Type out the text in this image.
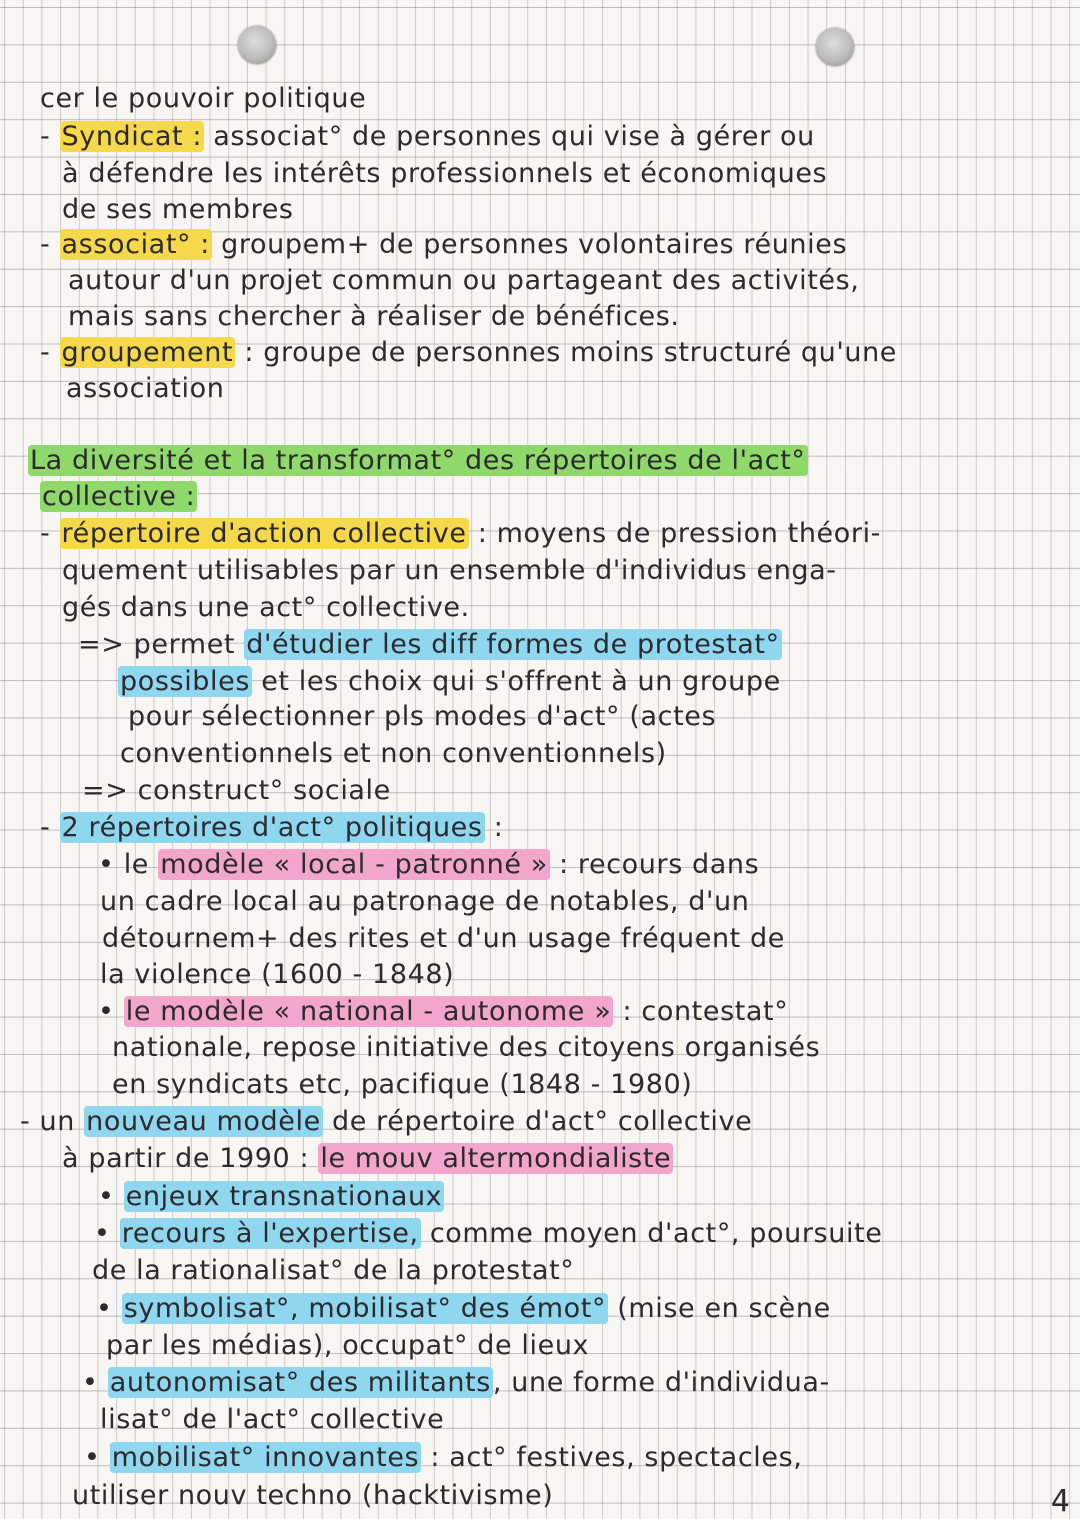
cer le pouvoir politique
- Syndicat : associat° de personnes qui vise à gérer ou
à défendre les intérêts professionnels et économiques
de ses membres
- associat° : groupem+ de personnes volontaires réunies
autour d'un projet commun ou partageant des activités,
mais sans chercher à réaliser de bénéfices.
- groupement : groupe de personnes moins structuré qu'une
association
La diversité et la transformat° des répertoires de l'act°
collective :
- répertoire d'action collective : moyens de pression théori-
quement utilisables par un ensemble d'individus enga-
gés dans une act° collective.
=> permet d'étudier les diff formes de protestat°
possibles et les choix qui s'offrent à un groupe
pour sélectionner pls modes d'act° (actes
conventionnels et non conventionnels)
=> construct° sociale
- 2 répertoires d'act° politiques :
• le modèle « local - patronné » : recours dans
un cadre local au patronage de notables, d'un
détournem+ des rites et d'un usage fréquent de
la violence (1600 - 1848)
• le modèle « national - autonome » : contestat°
nationale, repose initiative des citoyens organisés
en syndicats etc, pacifique (1848 - 1980)
- un nouveau modèle de répertoire d'act° collective
à partir de 1990 : le mouv altermondialiste
• enjeux transnationaux
• recours à l'expertise, comme moyen d'act°, poursuite
de la rationalisat° de la protestat°
• symbolisat°, mobilisat° des émot° (mise en scène
par les médias), occupat° de lieux
• autonomisat° des militants, une forme d'individua-
lisat° de l'act° collective
• mobilisat° innovantes : act° festives, spectacles,
utiliser nouv techno (hacktivisme)	4
